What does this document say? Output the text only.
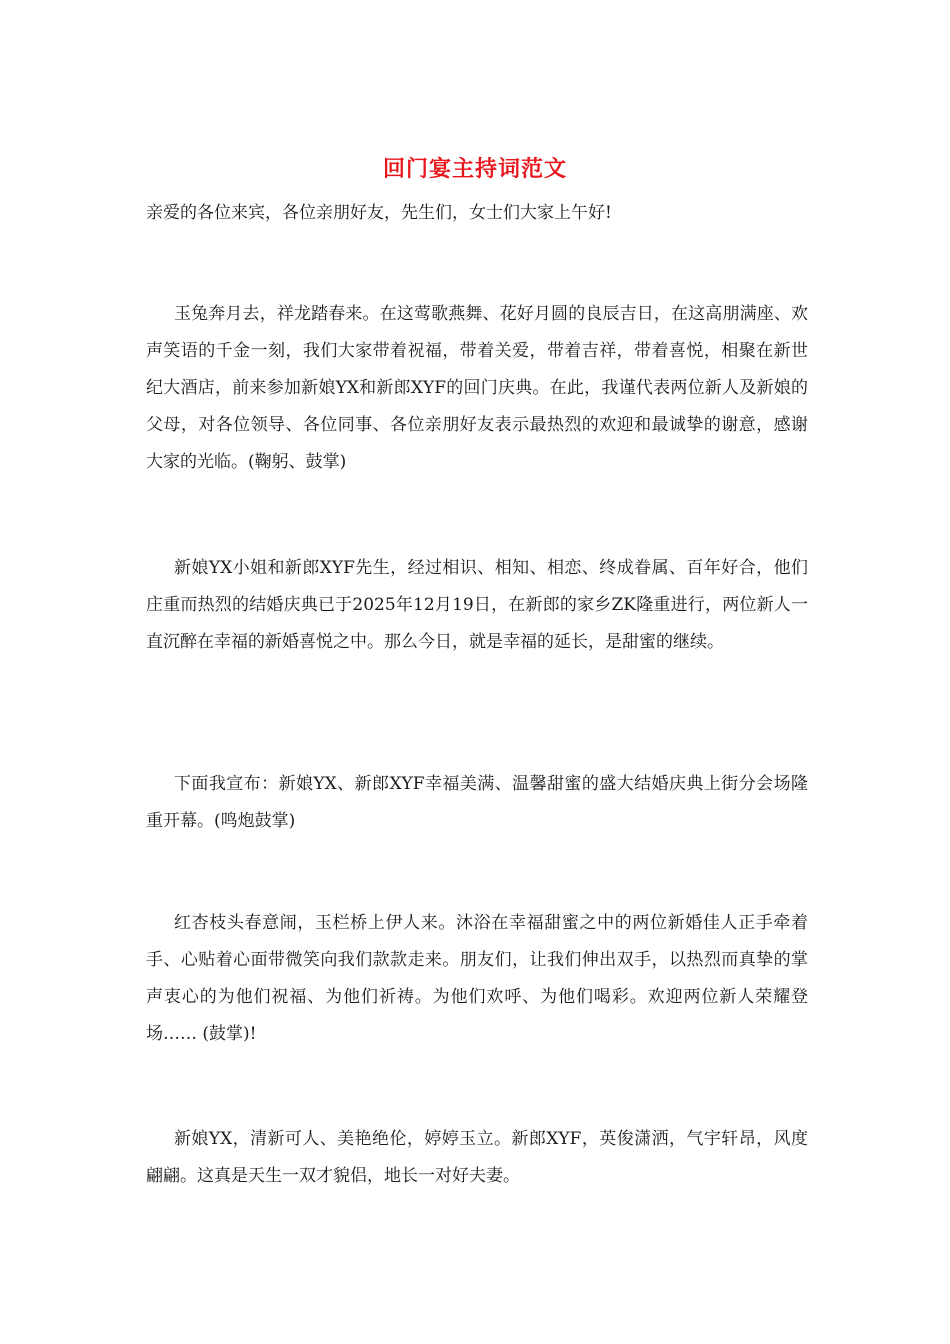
回门宴主持词范文

亲爱的各位来宾，各位亲朋好友，先生们，女士们大家上午好!

玉兔奔月去，祥龙踏春来。在这莺歌燕舞、花好月圆的良辰吉日，在这高朋满座、欢声笑语的千金一刻，我们大家带着祝福，带着关爱，带着吉祥，带着喜悦，相聚在新世纪大酒店，前来参加新娘YX和新郎XYF的回门庆典。在此，我谨代表两位新人及新娘的父母，对各位领导、各位同事、各位亲朋好友表示最热烈的欢迎和最诚挚的谢意，感谢大家的光临。(鞠躬、鼓掌)

新娘YX小姐和新郎XYF先生，经过相识、相知、相恋、终成眷属、百年好合，他们庄重而热烈的结婚庆典已于2025年12月19日，在新郎的家乡ZK隆重进行，两位新人一直沉醉在幸福的新婚喜悦之中。那么今日，就是幸福的延长，是甜蜜的继续。

下面我宣布：新娘YX、新郎XYF幸福美满、温馨甜蜜的盛大结婚庆典上街分会场隆重开幕。(鸣炮鼓掌)

红杏枝头春意闹，玉栏桥上伊人来。沐浴在幸福甜蜜之中的两位新婚佳人正手牵着手、心贴着心面带微笑向我们款款走来。朋友们，让我们伸出双手，以热烈而真挚的掌声衷心的为他们祝福、为他们祈祷。为他们欢呼、为他们喝彩。欢迎两位新人荣耀登场…… (鼓掌)!

新娘YX，清新可人、美艳绝伦，婷婷玉立。新郎XYF，英俊潇洒，气宇轩昂，风度翩翩。这真是天生一双才貌侣，地长一对好夫妻。
